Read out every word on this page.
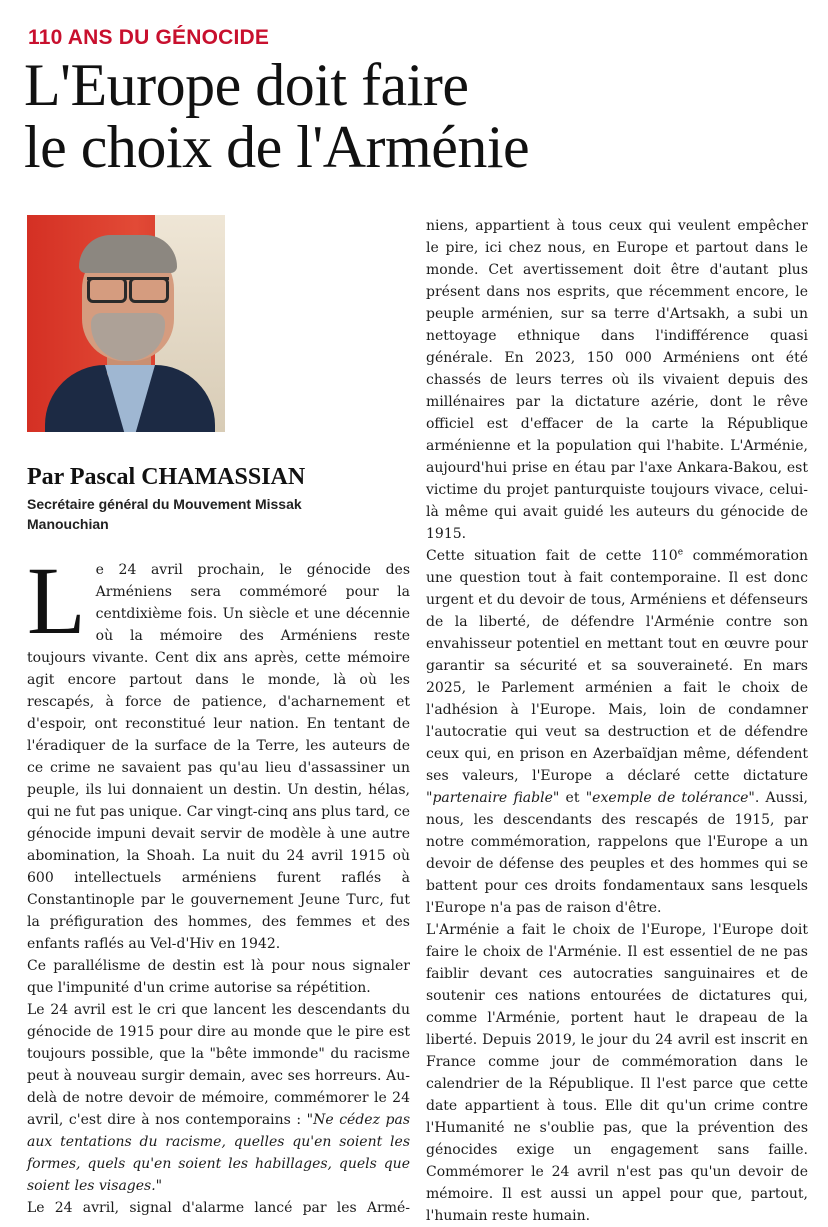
110 ANS DU GÉNOCIDE
L'Europe doit faire
le choix de l'Arménie
Par Pascal CHAMASSIAN
Secrétaire général du Mouvement Missak Manouchian

Le 24 avril prochain, le génocide des Arméniens sera commémoré pour la centdixième fois. Un siècle et une décennie où la mémoire des Arméniens reste toujours vivante. Cent dix ans après, cette mémoire agit encore partout dans le monde, là où les rescapés, à force de patience, d'acharnement et d'espoir, ont reconstitué leur nation. En tentant de l'éradiquer de la surface de la Terre, les auteurs de ce crime ne savaient pas qu'au lieu d'assassiner un peuple, ils lui donnaient un destin. Un destin, hélas, qui ne fut pas unique. Car vingt-cinq ans plus tard, ce génocide impuni devait servir de modèle à une autre abomination, la Shoah. La nuit du 24 avril 1915 où 600 intellectuels arméniens furent raflés à Constantinople par le gouvernement Jeune Turc, fut la préfiguration des hommes, des femmes et des enfants raflés au Vel-d'Hiv en 1942.

Ce parallélisme de destin est là pour nous signaler que l'impunité d'un crime autorise sa répétition.

Le 24 avril est le cri que lancent les descendants du génocide de 1915 pour dire au monde que le pire est toujours possible, que la "bête immonde" du racisme peut à nouveau surgir demain, avec ses horreurs. Au-delà de notre devoir de mémoire, commémorer le 24 avril, c'est dire à nos contemporains : "Ne cédez pas aux tentations du racisme, quelles qu'en soient les formes, quels qu'en soient les habillages, quels que soient les visages."

Le 24 avril, signal d'alarme lancé par les Armé-

niens, appartient à tous ceux qui veulent empêcher le pire, ici chez nous, en Europe et partout dans le monde. Cet avertissement doit être d'autant plus présent dans nos esprits, que récemment encore, le peuple arménien, sur sa terre d'Artsakh, a subi un nettoyage ethnique dans l'indifférence quasi générale. En 2023, 150 000 Arméniens ont été chassés de leurs terres où ils vivaient depuis des millénaires par la dictature azérie, dont le rêve officiel est d'effacer de la carte la République arménienne et la population qui l'habite. L'Arménie, aujourd'hui prise en étau par l'axe Ankara-Bakou, est victime du projet panturquiste toujours vivace, celui-là même qui avait guidé les auteurs du génocide de 1915.

Cette situation fait de cette 110e commémoration une question tout à fait contemporaine. Il est donc urgent et du devoir de tous, Arméniens et défenseurs de la liberté, de défendre l'Arménie contre son envahisseur potentiel en mettant tout en œuvre pour garantir sa sécurité et sa souveraineté. En mars 2025, le Parlement arménien a fait le choix de l'adhésion à l'Europe. Mais, loin de condamner l'autocratie qui veut sa destruction et de défendre ceux qui, en prison en Azerbaïdjan même, défendent ses valeurs, l'Europe a déclaré cette dictature "partenaire fiable" et "exemple de tolérance". Aussi, nous, les descendants des rescapés de 1915, par notre commémoration, rappelons que l'Europe a un devoir de défense des peuples et des hommes qui se battent pour ces droits fondamentaux sans lesquels l'Europe n'a pas de raison d'être.

L'Arménie a fait le choix de l'Europe, l'Europe doit faire le choix de l'Arménie. Il est essentiel de ne pas faiblir devant ces autocraties sanguinaires et de soutenir ces nations entourées de dictatures qui, comme l'Arménie, portent haut le drapeau de la liberté. Depuis 2019, le jour du 24 avril est inscrit en France comme jour de commémoration dans le calendrier de la République. Il l'est parce que cette date appartient à tous. Elle dit qu'un crime contre l'Humanité ne s'oublie pas, que la prévention des génocides exige un engagement sans faille. Commémorer le 24 avril n'est pas qu'un devoir de mémoire. Il est aussi un appel pour que, partout, l'humain reste humain.
